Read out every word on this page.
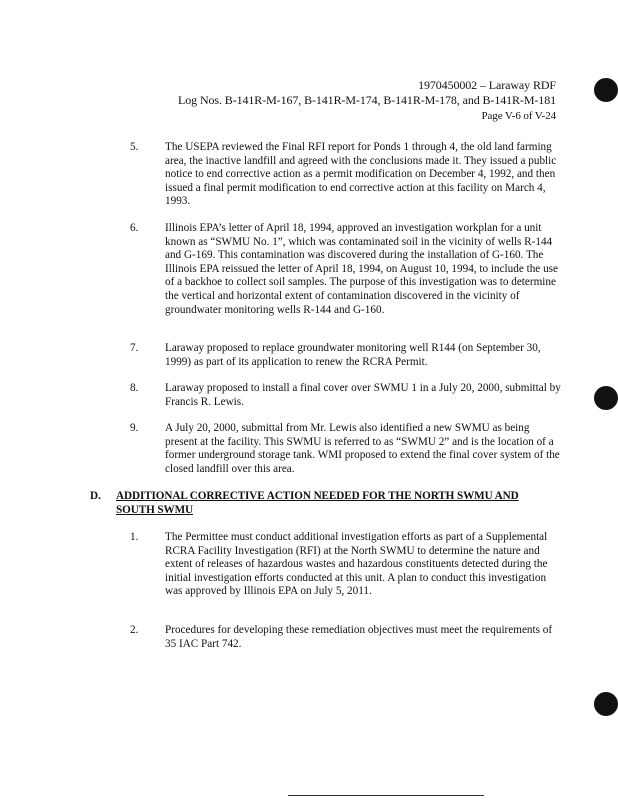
1970450002 – Laraway RDF
Log Nos. B-141R-M-167, B-141R-M-174, B-141R-M-178, and B-141R-M-181
Page V-6 of V-24
5. The USEPA reviewed the Final RFI report for Ponds 1 through 4, the old land farming area, the inactive landfill and agreed with the conclusions made it. They issued a public notice to end corrective action as a permit modification on December 4, 1992, and then issued a final permit modification to end corrective action at this facility on March 4, 1993.
6. Illinois EPA’s letter of April 18, 1994, approved an investigation workplan for a unit known as “SWMU No. 1”, which was contaminated soil in the vicinity of wells R-144 and G-169. This contamination was discovered during the installation of G-160. The Illinois EPA reissued the letter of April 18, 1994, on August 10, 1994, to include the use of a backhoe to collect soil samples. The purpose of this investigation was to determine the vertical and horizontal extent of contamination discovered in the vicinity of groundwater monitoring wells R-144 and G-160.
7. Laraway proposed to replace groundwater monitoring well R144 (on September 30, 1999) as part of its application to renew the RCRA Permit.
8. Laraway proposed to install a final cover over SWMU 1 in a July 20, 2000, submittal by Francis R. Lewis.
9. A July 20, 2000, submittal from Mr. Lewis also identified a new SWMU as being present at the facility. This SWMU is referred to as “SWMU 2” and is the location of a former underground storage tank. WMI proposed to extend the final cover system of the closed landfill over this area.
D. ADDITIONAL CORRECTIVE ACTION NEEDED FOR THE NORTH SWMU AND SOUTH SWMU
1. The Permittee must conduct additional investigation efforts as part of a Supplemental RCRA Facility Investigation (RFI) at the North SWMU to determine the nature and extent of releases of hazardous wastes and hazardous constituents detected during the initial investigation efforts conducted at this unit. A plan to conduct this investigation was approved by Illinois EPA on July 5, 2011.
2. Procedures for developing these remediation objectives must meet the requirements of 35 IAC Part 742.
